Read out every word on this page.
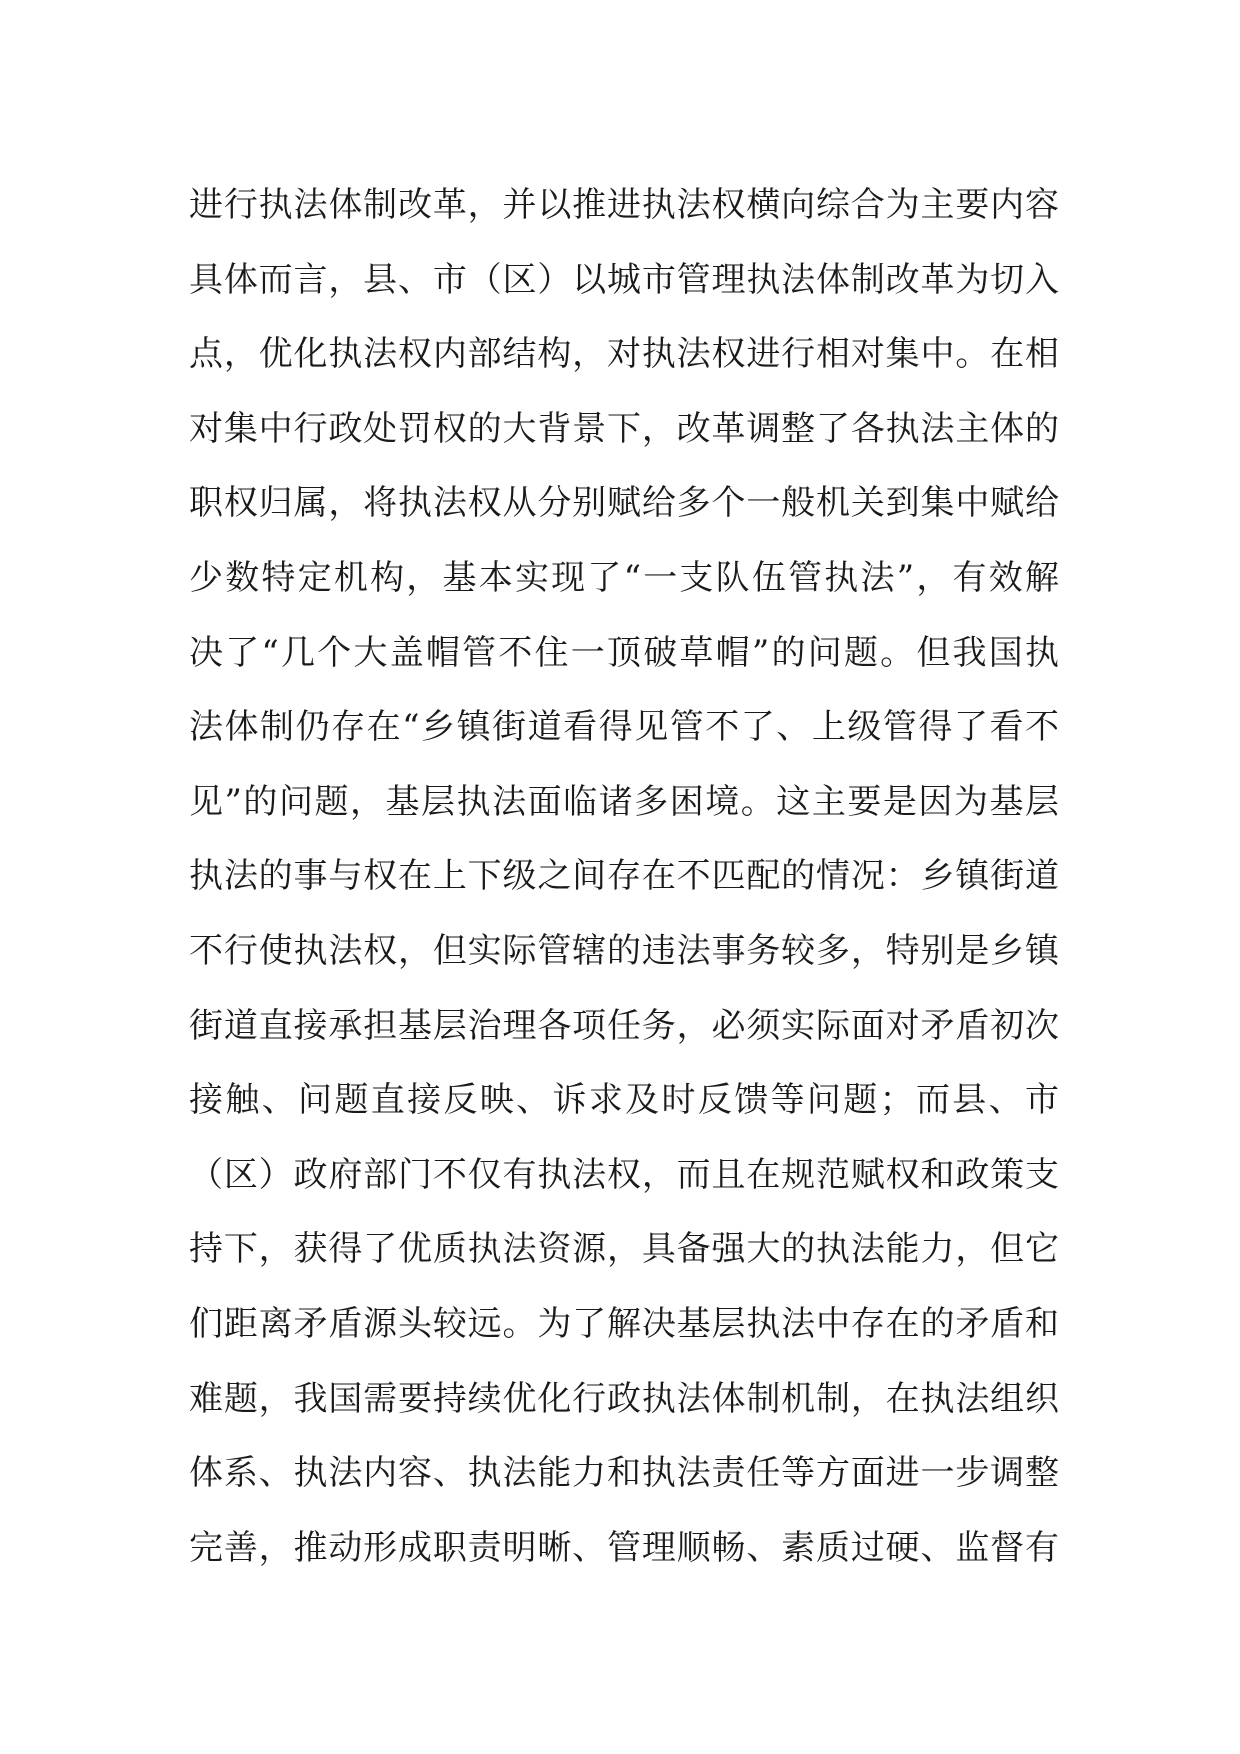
进行执法体制改革，并以推进执法权横向综合为主要内容
具体而言，县、市（区）以城市管理执法体制改革为切入
点，优化执法权内部结构，对执法权进行相对集中。在相
对集中行政处罚权的大背景下，改革调整了各执法主体的
职权归属，将执法权从分别赋给多个一般机关到集中赋给
少数特定机构，基本实现了“一支队伍管执法”，有效解
决了“几个大盖帽管不住一顶破草帽”的问题。但我国执
法体制仍存在“乡镇街道看得见管不了、上级管得了看不
见”的问题，基层执法面临诸多困境。这主要是因为基层
执法的事与权在上下级之间存在不匹配的情况：乡镇街道
不行使执法权，但实际管辖的违法事务较多，特别是乡镇
街道直接承担基层治理各项任务，必须实际面对矛盾初次
接触、问题直接反映、诉求及时反馈等问题；而县、市
（区）政府部门不仅有执法权，而且在规范赋权和政策支
持下，获得了优质执法资源，具备强大的执法能力，但它
们距离矛盾源头较远。为了解决基层执法中存在的矛盾和
难题，我国需要持续优化行政执法体制机制，在执法组织
体系、执法内容、执法能力和执法责任等方面进一步调整
完善，推动形成职责明晰、管理顺畅、素质过硬、监督有
